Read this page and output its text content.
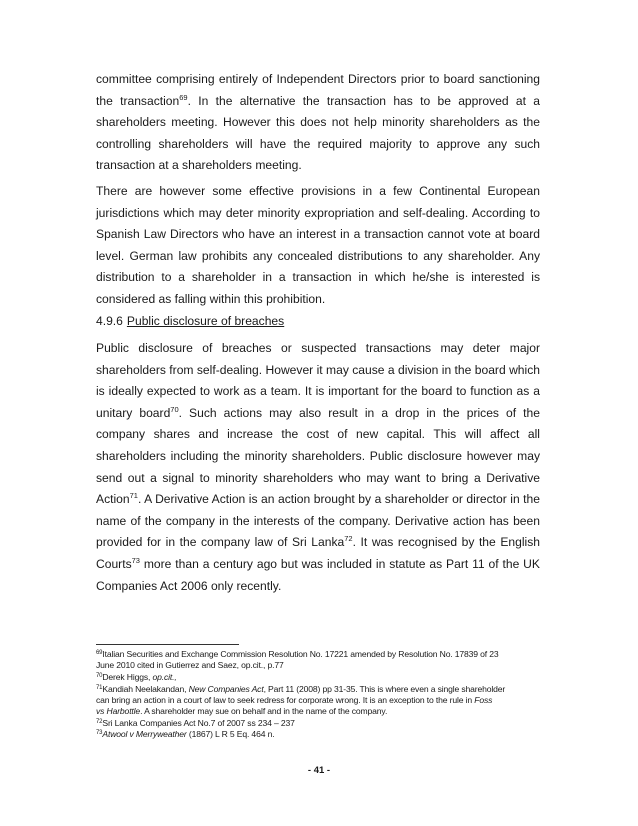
committee comprising entirely of Independent Directors prior to board sanctioning the transaction$^{69}$. In the alternative the transaction has to be approved at a shareholders meeting. However this does not help minority shareholders as the controlling shareholders will have the required majority to approve any such transaction at a shareholders meeting.

There are however some effective provisions in a few Continental European jurisdictions which may deter minority expropriation and self-dealing. According to Spanish Law Directors who have an interest in a transaction cannot vote at board level. German law prohibits any concealed distributions to any shareholder. Any distribution to a shareholder in a transaction in which he/she is interested is considered as falling within this prohibition.

4.9.6 Public disclosure of breaches

Public disclosure of breaches or suspected transactions may deter major shareholders from self-dealing. However it may cause a division in the board which is ideally expected to work as a team. It is important for the board to function as a unitary board$^{70}$. Such actions may also result in a drop in the prices of the company shares and increase the cost of new capital. This will affect all shareholders including the minority shareholders. Public disclosure however may send out a signal to minority shareholders who may want to bring a Derivative Action$^{71}$. A Derivative Action is an action brought by a shareholder or director in the name of the company in the interests of the company. Derivative action has been provided for in the company law of Sri Lanka$^{72}$. It was recognised by the English Courts$^{73}$ more than a century ago but was included in statute as Part 11 of the UK Companies Act 2006 only recently.

$^{69}$Italian Securities and Exchange Commission Resolution No. 17221 amended by Resolution No. 17839 of 23

June 2010 cited in Gutierrez and Saez, op.cit., p.77

$^{70}$Derek Higgs, op.cit.,

$^{71}$Kandiah Neelakandan, New Companies Act, Part 11 (2008) pp 31-35. This is where even a single shareholder

can bring an action in a court of law to seek redress for corporate wrong. It is an exception to the rule in Foss

vs Harbottle. A shareholder may sue on behalf and in the name of the company.

$^{72}$Sri Lanka Companies Act No.7 of 2007 ss 234 – 237

$^{73}$Atwool v Merryweather (1867) L R 5 Eq. 464 n.

- 41 -
